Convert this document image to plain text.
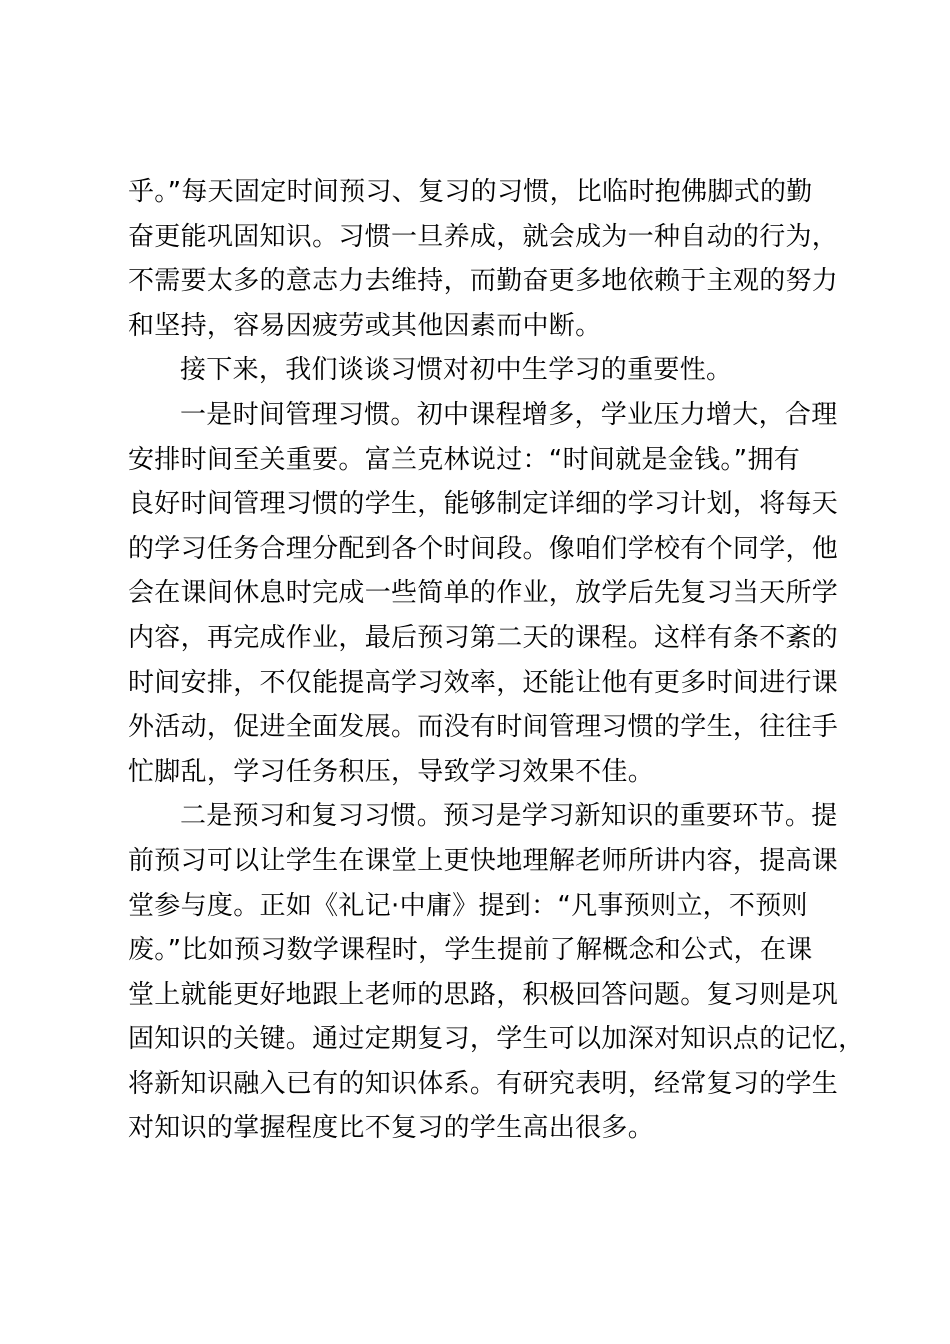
乎。”每天固定时间预习、复习的习惯，比临时抱佛脚式的勤
奋更能巩固知识。习惯一旦养成，就会成为一种自动的行为，
不需要太多的意志力去维持，而勤奋更多地依赖于主观的努力
和坚持，容易因疲劳或其他因素而中断。
接下来，我们谈谈习惯对初中生学习的重要性。
一是时间管理习惯。初中课程增多，学业压力增大，合理
安排时间至关重要。富兰克林说过：“时间就是金钱。”拥有
良好时间管理习惯的学生，能够制定详细的学习计划，将每天
的学习任务合理分配到各个时间段。像咱们学校有个同学，他
会在课间休息时完成一些简单的作业，放学后先复习当天所学
内容，再完成作业，最后预习第二天的课程。这样有条不紊的
时间安排，不仅能提高学习效率，还能让他有更多时间进行课
外活动，促进全面发展。而没有时间管理习惯的学生，往往手
忙脚乱，学习任务积压，导致学习效果不佳。
二是预习和复习习惯。预习是学习新知识的重要环节。提
前预习可以让学生在课堂上更快地理解老师所讲内容，提高课
堂参与度。正如《礼记·中庸》提到：“凡事预则立，不预则
废。”比如预习数学课程时，学生提前了解概念和公式，在课
堂上就能更好地跟上老师的思路，积极回答问题。复习则是巩
固知识的关键。通过定期复习，学生可以加深对知识点的记忆，
将新知识融入已有的知识体系。有研究表明，经常复习的学生
对知识的掌握程度比不复习的学生高出很多。
